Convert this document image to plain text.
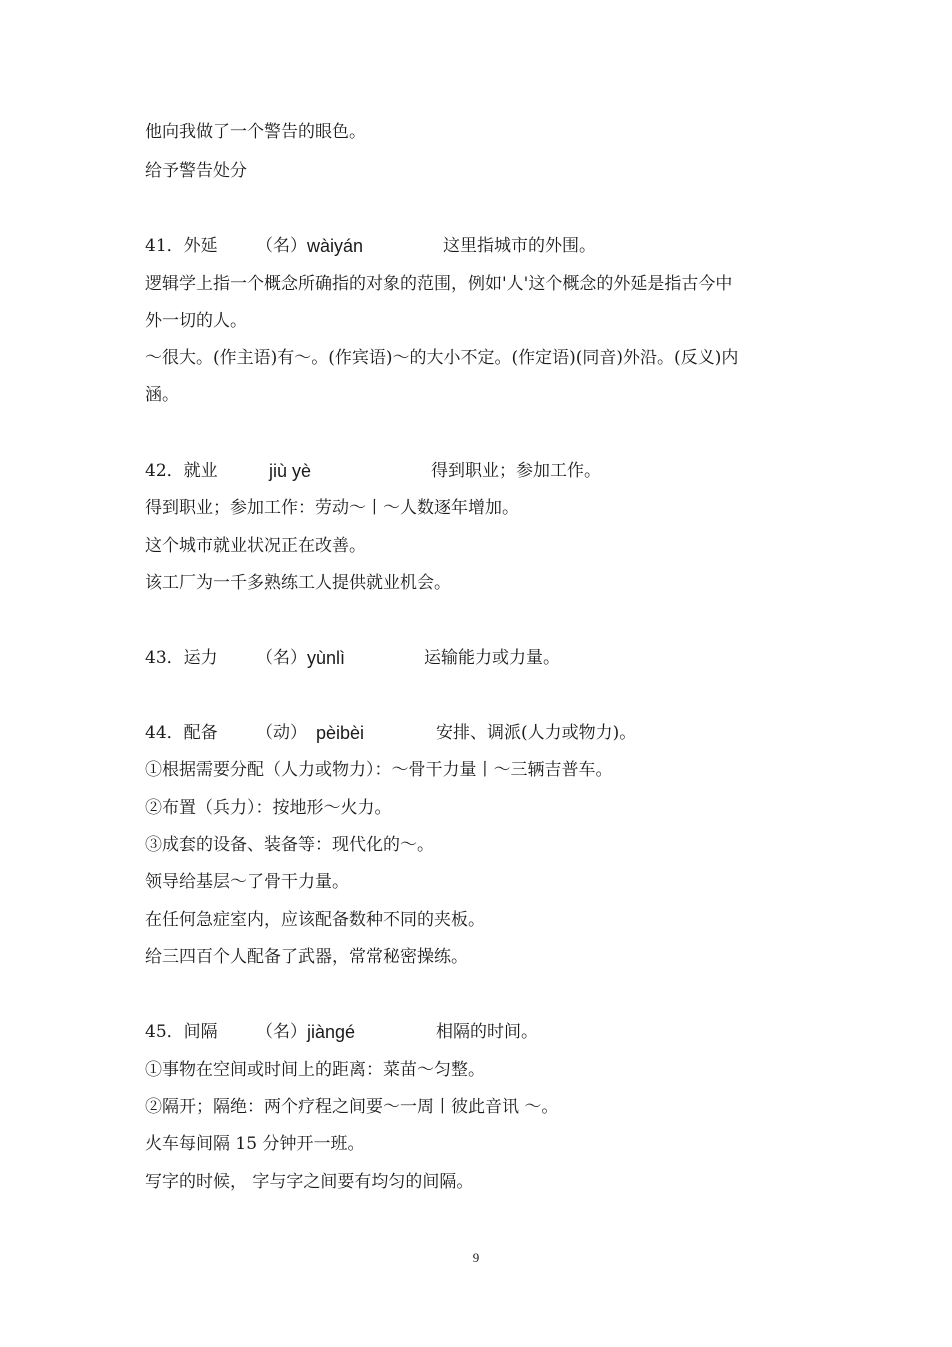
他向我做了一个警告的眼色。
给予警告处分
41．外延 （名） wàiyán	这里指城市的外围。
逻辑学上指一个概念所确指的对象的范围，例如'人'这个概念的外延是指古今中
外一切的人。
～很大。(作主语)有～。(作宾语)～的大小不定。(作定语)(同音)外沿。(反义)内
涵。
42．就业	jiù yè	得到职业；参加工作。
得到职业；参加工作：劳动～丨～人数逐年增加。
这个城市就业状况正在改善。
该工厂为一千多熟练工人提供就业机会。
43．运力 （名） yùnlì	运输能力或力量。
44．配备 （动） pèibèi	安排、调派(人力或物力)。
①根据需要分配（人力或物力）：～骨干力量丨～三辆吉普车。
②布置（兵力）：按地形～火力。
③成套的设备、装备等：现代化的～。
领导给基层～了骨干力量。
在任何急症室内，应该配备数种不同的夹板。
给三四百个人配备了武器，常常秘密操练。
45．间隔 （名） jiàngé	相隔的时间。
①事物在空间或时间上的距离：菜苗～匀整。
②隔开；隔绝：两个疗程之间要～一周丨彼此音讯 ～。
火车每间隔 15 分钟开一班。
写字的时候， 字与字之间要有均匀的间隔。
9
